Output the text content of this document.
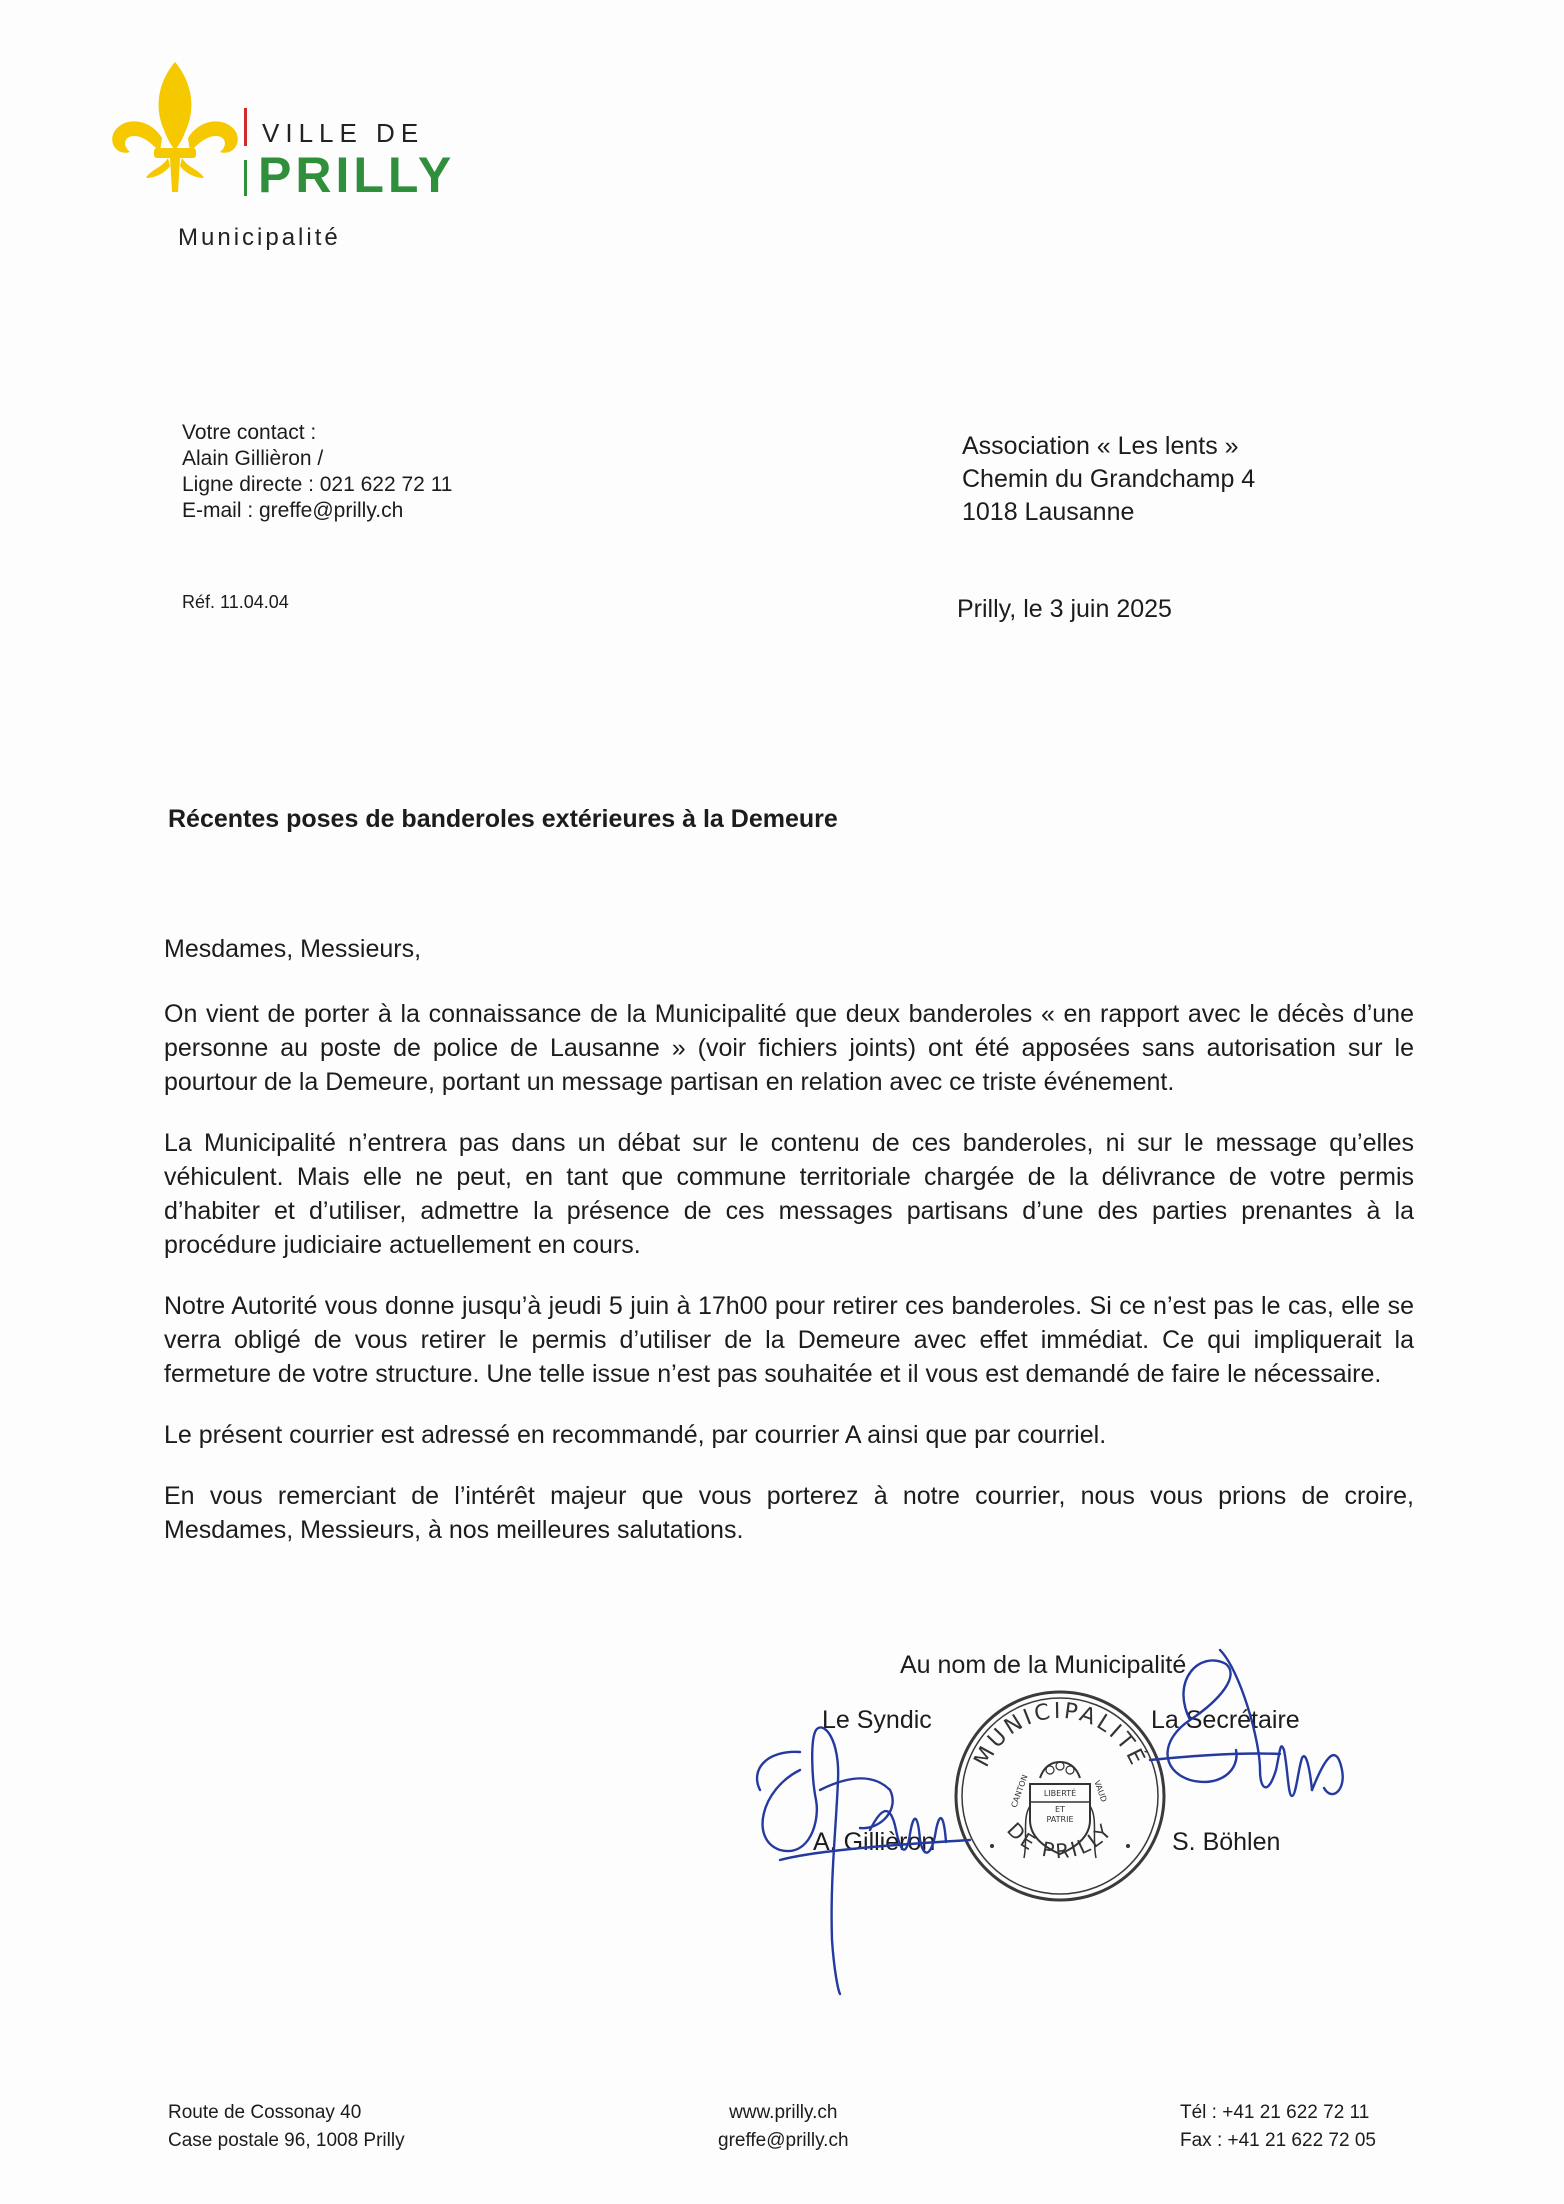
VILLE DE
PRILLY
Municipalité
Votre contact :
Alain Gillièron /
Ligne directe : 021 622 72 11
E-mail : greffe@prilly.ch
Réf. 11.04.04
Association « Les lents »
Chemin du Grandchamp 4
1018 Lausanne
Prilly, le 3 juin 2025
Récentes poses de banderoles extérieures à la Demeure

Mesdames, Messieurs,

On vient de porter à la connaissance de la Municipalité que deux banderoles « en rapport avec le décès d’une personne au poste de police de Lausanne » (voir fichiers joints) ont été apposées sans autorisation sur le pourtour de la Demeure, portant un message partisan en relation avec ce triste événement.

La Municipalité n’entrera pas dans un débat sur le contenu de ces banderoles, ni sur le message qu’elles véhiculent. Mais elle ne peut, en tant que commune territoriale chargée de la délivrance de votre permis d’habiter et d’utiliser, admettre la présence de ces messages partisans d’une des parties prenantes à la procédure judiciaire actuellement en cours.

Notre Autorité vous donne jusqu’à jeudi 5 juin à 17h00 pour retirer ces banderoles. Si ce n’est pas le cas, elle se verra obligé de vous retirer le permis d’utiliser de la Demeure avec effet immédiat. Ce qui impliquerait la fermeture de votre structure. Une telle issue n’est pas souhaitée et il vous est demandé de faire le nécessaire.

Le présent courrier est adressé en recommandé, par courrier A ainsi que par courriel.

En vous remerciant de l’intérêt majeur que vous porterez à notre courrier, nous vous prions de croire, Mesdames, Messieurs, à nos meilleures salutations.

Au nom de la Municipalité
Le Syndic	La Secrétaire
A. Gillièron	S. Böhlen
MUNICIPALITÉ
DE PRILLY
LIBERTÉ
ET
PATRIE
CANTON	VAUD
Route de Cossonay 40
Case postale 96, 1008 Prilly
www.prilly.ch
greffe@prilly.ch
Tél : +41 21 622 72 11
Fax : +41 21 622 72 05
